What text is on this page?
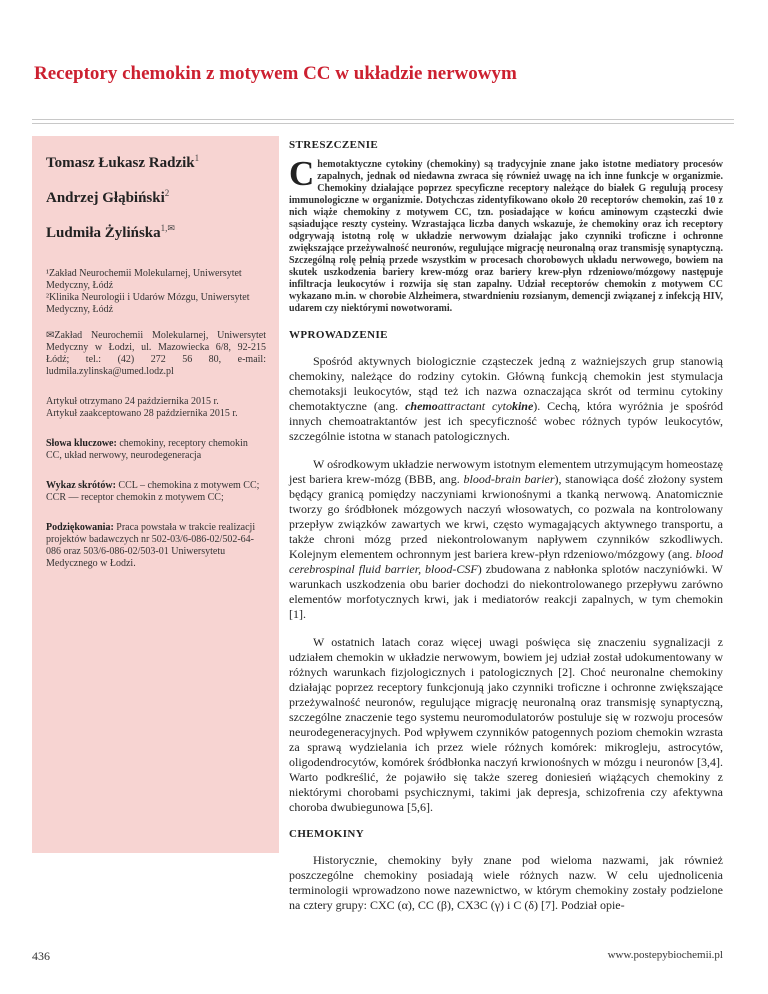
Receptory chemokin z motywem CC w układzie nerwowym
Tomasz Łukasz Radzik$^1$
Andrzej Głąbiński$^2$
Ludmiła Żylińska$^{1,✉}$

¹Zakład Neurochemii Molekularnej, Uniwersytet Medyczny, Łódź

²Klinika Neurologii i Udarów Mózgu, Uniwersytet Medyczny, Łódź

✉Zakład Neurochemii Molekularnej, Uniwersytet Medyczny w Łodzi, ul. Mazowiecka 6/8, 92-215 Łódź; tel.: (42) 272 56 80, e-mail: ludmila.zylinska@umed.lodz.pl

Artykuł otrzymano 24 października 2015 r.
Artykuł zaakceptowano 28 października 2015 r.

Słowa kluczowe: chemokiny, receptory chemokin CC, układ nerwowy, neurodegeneracja

Wykaz skrótów: CCL – chemokina z motywem CC; CCR — receptor chemokin z motywem CC;

Podziękowania: Praca powstała w trakcie realizacji projektów badawczych nr 502-03/6-086-02/502-64-086 oraz 503/6-086-02/503-01 Uniwersytetu Medycznego w Łodzi.

STRESZCZENIE

Chemotaktyczne cytokiny (chemokiny) są tradycyjnie znane jako istotne mediatory procesów zapalnych, jednak od niedawna zwraca się również uwagę na ich inne funkcje w organizmie. Chemokiny działające poprzez specyficzne receptory należące do białek G regulują procesy immunologiczne w organizmie. Dotychczas zidentyfikowano około 20 receptorów chemokin, zaś 10 z nich wiąże chemokiny z motywem CC, tzn. posiadające w końcu aminowym cząsteczki dwie sąsiadujące reszty cysteiny. Wzrastająca liczba danych wskazuje, że chemokiny oraz ich receptory odgrywają istotną rolę w układzie nerwowym działając jako czynniki troficzne i ochronne zwiększające przeżywalność neuronów, regulujące migrację neuronalną oraz transmisję synaptyczną. Szczególną rolę pełnią przede wszystkim w procesach chorobowych układu nerwowego, bowiem na skutek uszkodzenia bariery krew-mózg oraz bariery krew-płyn rdzeniowo/mózgowy następuje infiltracja leukocytów i rozwija się stan zapalny. Udział receptorów chemokin z motywem CC wykazano m.in. w chorobie Alzheimera, stwardnieniu rozsianym, demencji związanej z infekcją HIV, udarem czy niektórymi nowotworami.

WPROWADZENIE

Spośród aktywnych biologicznie cząsteczek jedną z ważniejszych grup stanowią chemokiny, należące do rodziny cytokin. Główną funkcją chemokin jest stymulacja chemotaksji leukocytów, stąd też ich nazwa oznaczająca skrót od terminu cytokiny chemotaktyczne (ang. chemoattractant cytokine). Cechą, która wyróżnia je spośród innych chemoatraktantów jest ich specyficzność wobec różnych typów leukocytów, szczególnie istotna w stanach patologicznych.

W ośrodkowym układzie nerwowym istotnym elementem utrzymującym homeostazę jest bariera krew-mózg (BBB, ang. blood-brain barier), stanowiąca dość złożony system będący granicą pomiędzy naczyniami krwionośnymi a tkanką nerwową. Anatomicznie tworzy go śródbłonek mózgowych naczyń włosowatych, co pozwala na kontrolowany przepływ związków zawartych we krwi, często wymagających aktywnego transportu, a także chroni mózg przed niekontrolowanym napływem czynników szkodliwych. Kolejnym elementem ochronnym jest bariera krew-płyn rdzeniowo/mózgowy (ang. blood cerebrospinal fluid barrier, blood-CSF) zbudowana z nabłonka splotów naczyniówki. W warunkach uszkodzenia obu barier dochodzi do niekontrolowanego przepływu zarówno elementów morfotycznych krwi, jak i mediatorów reakcji zapalnych, w tym chemokin [1].

W ostatnich latach coraz więcej uwagi poświęca się znaczeniu sygnalizacji z udziałem chemokin w układzie nerwowym, bowiem jej udział został udokumentowany w różnych warunkach fizjologicznych i patologicznych [2]. Choć neuronalne chemokiny działając poprzez receptory funkcjonują jako czynniki troficzne i ochronne zwiększające przeżywalność neuronów, regulujące migrację neuronalną oraz transmisję synaptyczną, szczególne znaczenie tego systemu neuromodulatorów postuluje się w rozwoju procesów neurodegeneracyjnych. Pod wpływem czynników patogennych poziom chemokin wzrasta za sprawą wydzielania ich przez wiele różnych komórek: mikrogleju, astrocytów, oligodendrocytów, komórek śródbłonka naczyń krwionośnych w mózgu i neuronów [3,4]. Warto podkreślić, że pojawiło się także szereg doniesień wiążących chemokiny z niektórymi chorobami psychicznymi, takimi jak depresja, schizofrenia czy afektywna choroba dwubiegunowa [5,6].

CHEMOKINY

Historycznie, chemokiny były znane pod wieloma nazwami, jak również poszczególne chemokiny posiadają wiele różnych nazw. W celu ujednolicenia terminologii wprowadzono nowe nazewnictwo, w którym chemokiny zostały podzielone na cztery grupy: CXC (α), CC (β), CX3C (γ) i C (δ) [7]. Podział opie-

436	www.postepybiochemii.pl
